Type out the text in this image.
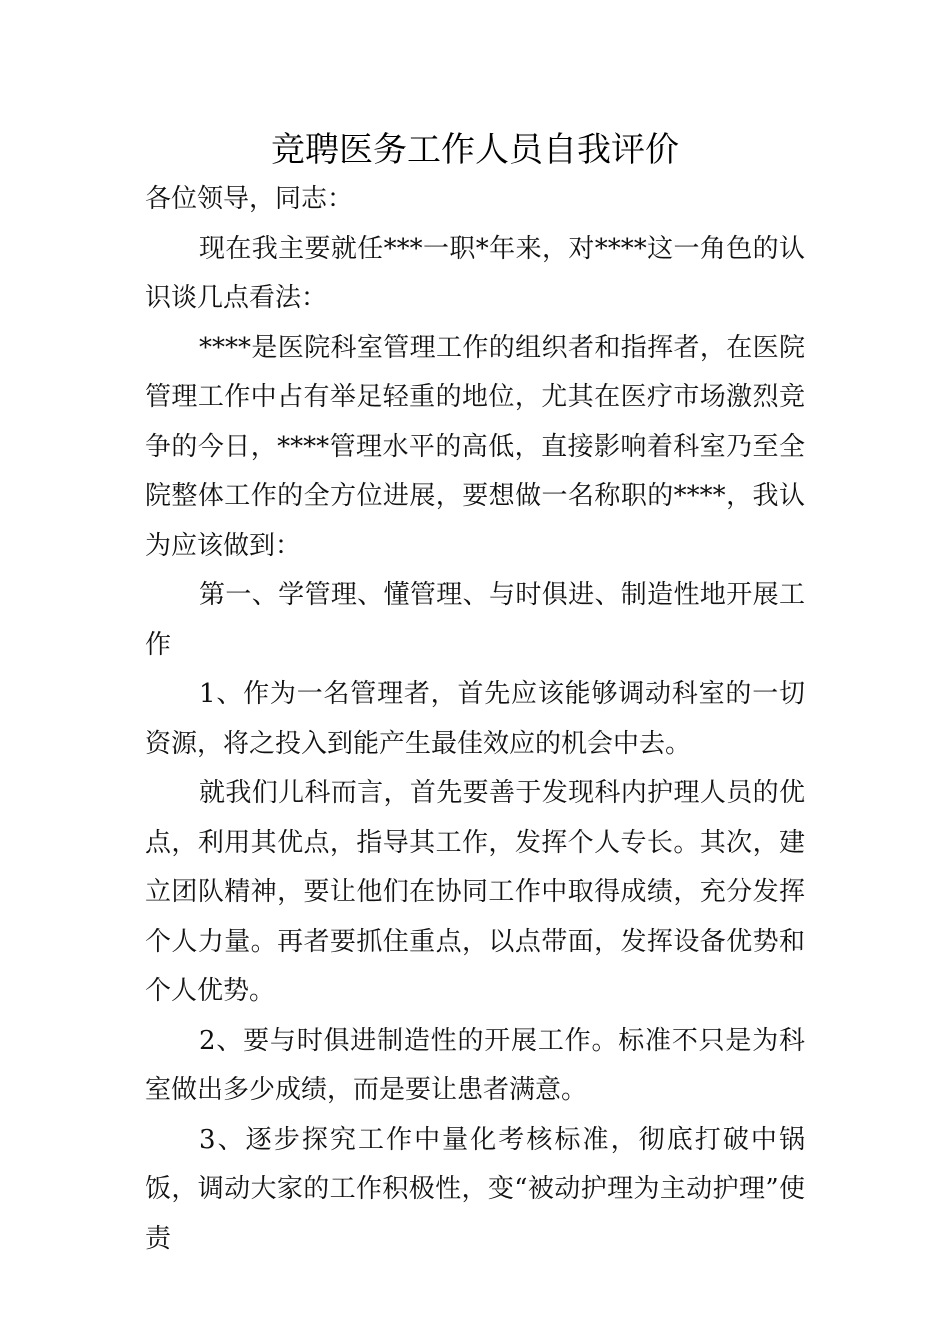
竞聘医务工作人员自我评价

各位领导，同志：

现在我主要就任***一职*年来，对****这一角色的认识谈几点看法：

****是医院科室管理工作的组织者和指挥者，在医院管理工作中占有举足轻重的地位，尤其在医疗市场激烈竞争的今日，****管理水平的高低，直接影响着科室乃至全院整体工作的全方位进展，要想做一名称职的****，我认为应该做到：

第一、学管理、懂管理、与时俱进、制造性地开展工作

1、作为一名管理者，首先应该能够调动科室的一切资源，将之投入到能产生最佳效应的机会中去。

就我们儿科而言，首先要善于发现科内护理人员的优点，利用其优点，指导其工作，发挥个人专长。其次，建立团队精神，要让他们在协同工作中取得成绩，充分发挥个人力量。再者要抓住重点，以点带面，发挥设备优势和个人优势。

2、要与时俱进制造性的开展工作。标准不只是为科室做出多少成绩，而是要让患者满意。

3、逐步探究工作中量化考核标准，彻底打破中锅饭，调动大家的工作积极性，变“被动护理为主动护理”使责
